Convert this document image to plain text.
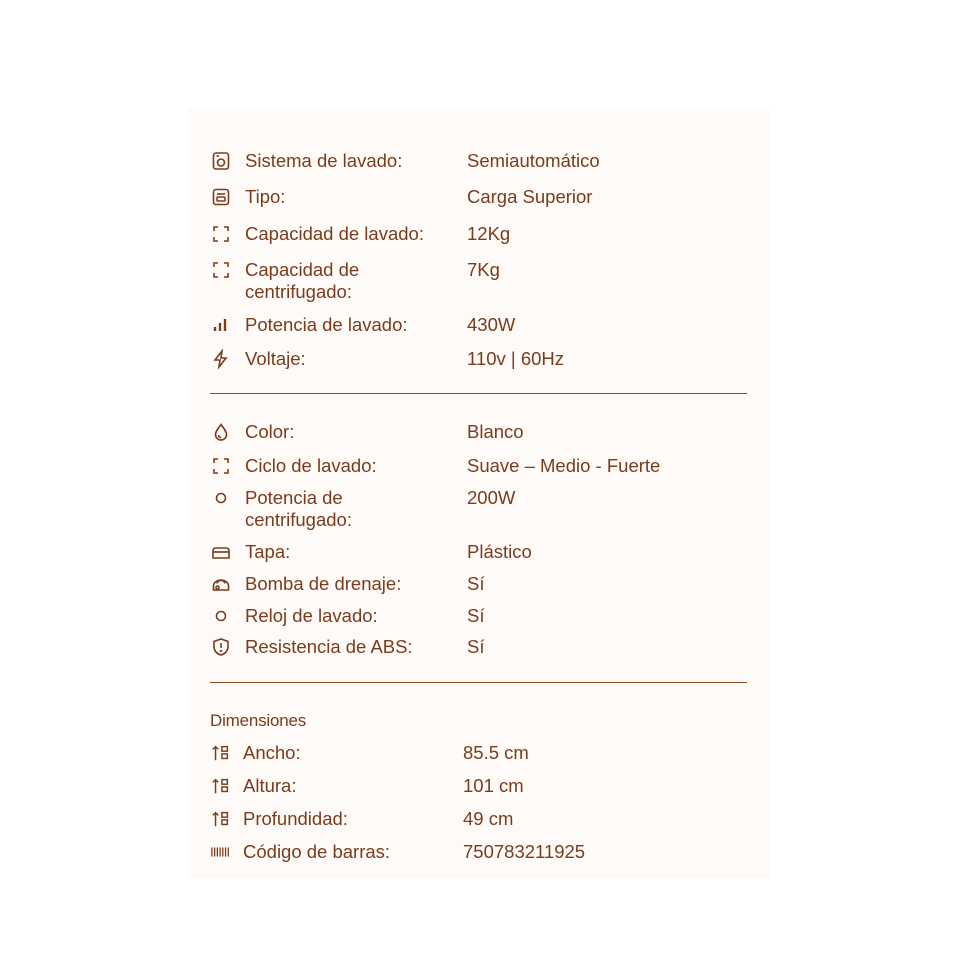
Sistema de lavado:	Semiautomático
Tipo:	Carga Superior
Capacidad de lavado:	12Kg
Capacidad de
centrifugado:
7Kg
Potencia de lavado:	430W
Voltaje:	110v | 60Hz
Color:	Blanco
Ciclo de lavado:	Suave – Medio - Fuerte
Potencia de
centrifugado:
200W
Tapa:	Plástico
Bomba de drenaje:	Sí
Reloj de lavado:	Sí
Resistencia de ABS:	Sí
Dimensiones
Ancho:	85.5 cm
Altura:	101 cm
Profundidad:	49 cm
Código de barras:	750783211925
